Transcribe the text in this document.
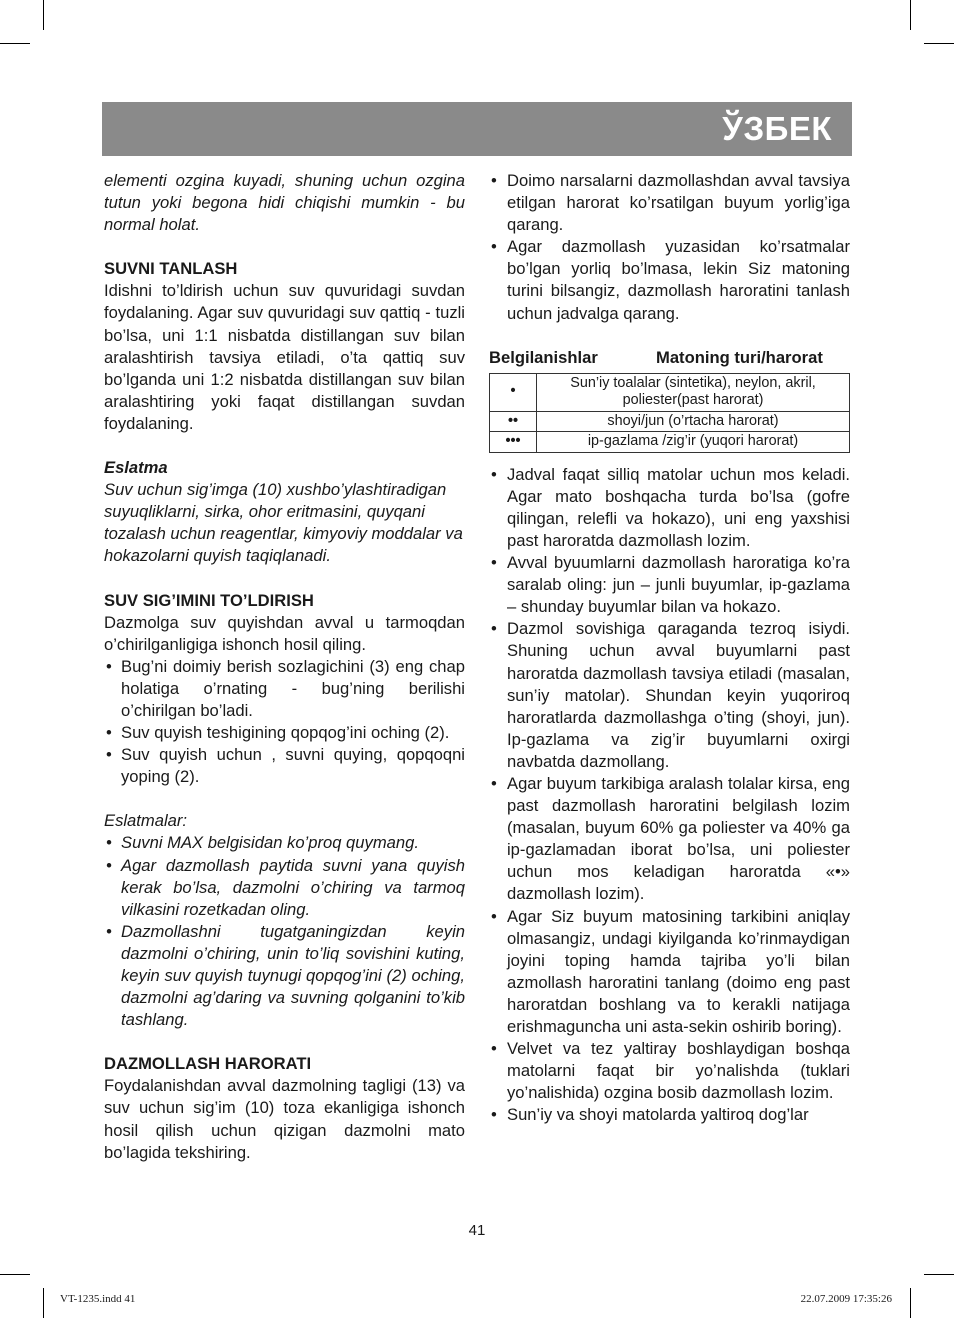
ЎЗБЕК

elementi ozgina kuyadi, shuning uchun ozgina tutun yoki begona hidi chiqishi mumkin - bu normal holat.

SUVNI TANLASH

Idishni to’ldirish uchun suv quvuridagi suvdan foydalaning. Agar suv quvuridagi suv qattiq - tuzli bo’lsa, uni 1:1 nisbatda distillangan suv bilan aralashtirish tavsiya etiladi, o’ta qattiq suv bo’lganda uni 1:2 nisbatda distillangan suv bilan aralashtiring yoki faqat distillangan suvdan foydalaning.

Eslatma

Suv uchun sig’imga (10) xushbo’ylashtiradigan suyuqliklarni, sirka, ohor eritmasini, quyqani tozalash uchun reagentlar, kimyoviy moddalar va hokazolarni quyish taqiqlanadi.

SUV SIG’IMINI TO’LDIRISH

Dazmolga suv quyishdan avval u tarmoqdan o’chirilganligiga ishonch hosil qiling.

• Bug’ni doimiy berish sozlagichini (3) eng chap holatiga o’rnating - bug’ning berilishi o’chirilgan bo’ladi.
• Suv quyish teshigining qopqog’ini oching (2).
• Suv quyish uchun , suvni quying, qopqoqni yoping (2).

Eslatmalar:

• Suvni MAX belgisidan ko’proq quymang.
• Agar dazmollash paytida suvni yana quyish kerak bo’lsa, dazmolni o’chiring va tarmoq vilkasini rozetkadan oling.
• Dazmollashni tugatganingizdan keyin dazmolni o’chiring, unin to’liq sovishini kuting, keyin suv quyish tuynugi qopqog’ini (2) oching, dazmolni ag’daring va suvning qolganini to’kib tashlang.

DAZMOLLASH HARORATI

Foydalanishdan avval dazmolning tagligi (13) va suv uchun sig’im (10) toza ekanligiga ishonch hosil qilish uchun qizigan dazmolni mato bo’lagida tekshiring.

• Doimo narsalarni dazmollashdan avval tavsiya etilgan harorat ko’rsatilgan buyum yorlig’iga qarang.
• Agar dazmollash yuzasidan ko’rsatmalar bo’lgan yorliq bo’lmasa, lekin Siz matoning turini bilsangiz, dazmollash haroratini tanlash uchun jadvalga qarang.
Belgilanishlar	Matoning turi/harorat
•	Sun’iy toalalar (sintetika), neylon, akril, poliester(past harorat)
••	shoyi/jun (o’rtacha harorat)
•••	ip-gazlama /zig’ir (yuqori harorat)
• Jadval faqat silliq matolar uchun mos keladi. Agar mato boshqacha turda bo’lsa (gofre qilingan, relefli va hokazo), uni eng yaxshisi past haroratda dazmollash lozim.
• Avval byuumlarni dazmollash haroratiga ko’ra saralab oling: jun – junli buyumlar, ip-gazlama – shunday buyumlar bilan va hokazo.
• Dazmol sovishiga qaraganda tezroq isiydi. Shuning uchun avval buyumlarni past haroratda dazmollash tavsiya etiladi (masalan, sun’iy matolar). Shundan keyin yuqoriroq haroratlarda dazmollashga o’ting (shoyi, jun). Ip-gazlama va zig’ir buyumlarni oxirgi navbatda dazmollang.
• Agar buyum tarkibiga aralash tolalar kirsa, eng past dazmollash haroratini belgilash lozim (masalan, buyum 60% ga poliester va 40% ga ip-gazlamadan iborat bo’lsa, uni poliester uchun mos keladigan haroratda «•» dazmollash lozim).
• Agar Siz buyum matosining tarkibini aniqlay olmasangiz, undagi kiyilganda ko’rinmaydigan joyini toping hamda tajriba yo’li bilan azmollash haroratini tanlang (doimo eng past haroratdan boshlang va to kerakli natijaga erishmaguncha uni asta-sekin oshirib boring).
• Velvet va tez yaltiray boshlaydigan boshqa matolarni faqat bir yo’nalishda (tuklari yo’nalishida) ozgina bosib dazmollash lozim.
• Sun’iy va shoyi matolarda yaltiroq dog’lar
41
VT-1235.indd 41	22.07.2009 17:35:26
